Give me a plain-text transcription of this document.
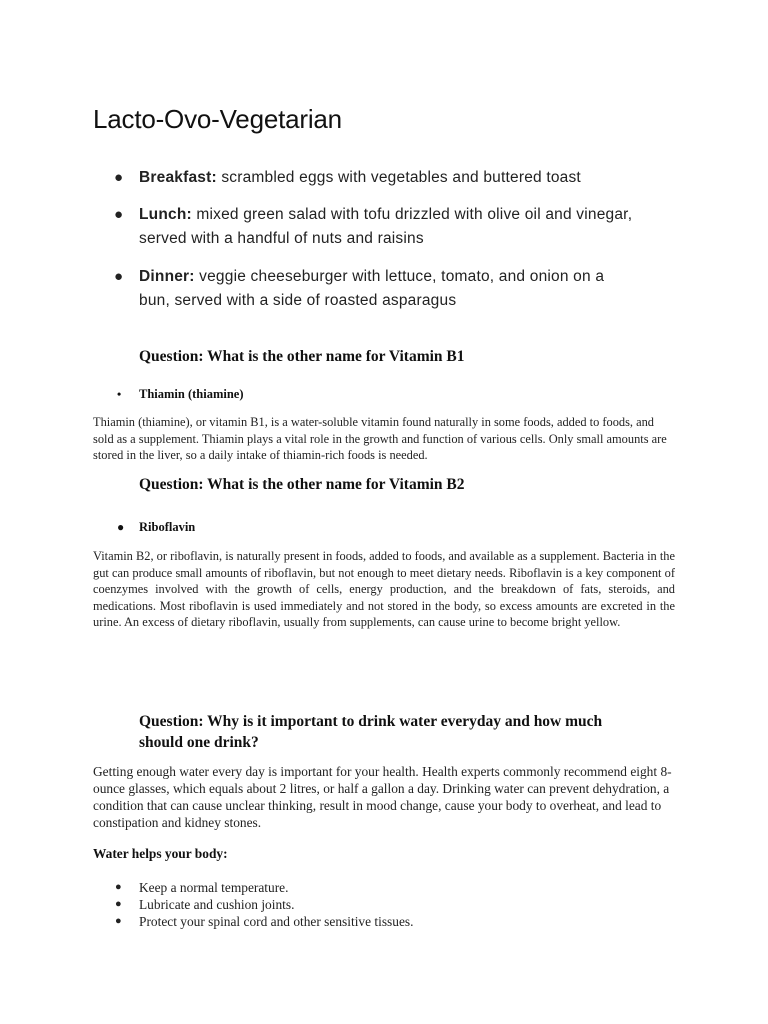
Lacto-Ovo-Vegetarian
● Breakfast: scrambled eggs with vegetables and buttered toast
● Lunch: mixed green salad with tofu drizzled with olive oil and vinegar, served with a handful of nuts and raisins
● Dinner: veggie cheeseburger with lettuce, tomato, and onion on a bun, served with a side of roasted asparagus
Question: What is the other name for Vitamin B1
• Thiamin (thiamine)

Thiamin (thiamine), or vitamin B1, is a water-soluble vitamin found naturally in some foods, added to foods, and sold as a supplement. Thiamin plays a vital role in the growth and function of various cells. Only small amounts are stored in the liver, so a daily intake of thiamin-rich foods is needed.

Question: What is the other name for Vitamin B2
● Riboflavin

Vitamin B2, or riboflavin, is naturally present in foods, added to foods, and available as a supplement. Bacteria in the gut can produce small amounts of riboflavin, but not enough to meet dietary needs. Riboflavin is a key component of coenzymes involved with the growth of cells, energy production, and the breakdown of fats, steroids, and medications. Most riboflavin is used immediately and not stored in the body, so excess amounts are excreted in the urine. An excess of dietary riboflavin, usually from supplements, can cause urine to become bright yellow.

Question: Why is it important to drink water everyday and how much should one drink?

Getting enough water every day is important for your health. Health experts commonly recommend eight 8-ounce glasses, which equals about 2 litres, or half a gallon a day. Drinking water can prevent dehydration, a condition that can cause unclear thinking, result in mood change, cause your body to overheat, and lead to constipation and kidney stones.

Water helps your body:

● Keep a normal temperature.
● Lubricate and cushion joints.
● Protect your spinal cord and other sensitive tissues.
